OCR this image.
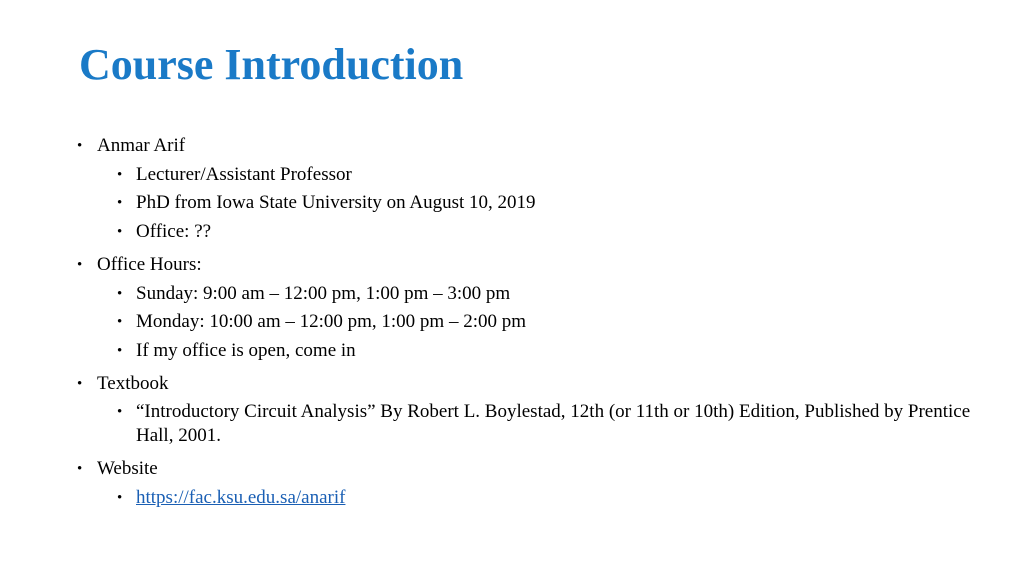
Course Introduction
• Anmar Arif
• Lecturer/Assistant Professor
• PhD from Iowa State University on August 10, 2019
• Office: ??
• Office Hours:
• Sunday: 9:00 am – 12:00 pm, 1:00 pm – 3:00 pm
• Monday: 10:00 am – 12:00 pm, 1:00 pm – 2:00 pm
• If my office is open, come in
• Textbook
• “Introductory Circuit Analysis” By Robert L. Boylestad, 12th (or 11th or 10th) Edition, Published by Prentice Hall, 2001.
• Website
• https://fac.ksu.edu.sa/anarif
